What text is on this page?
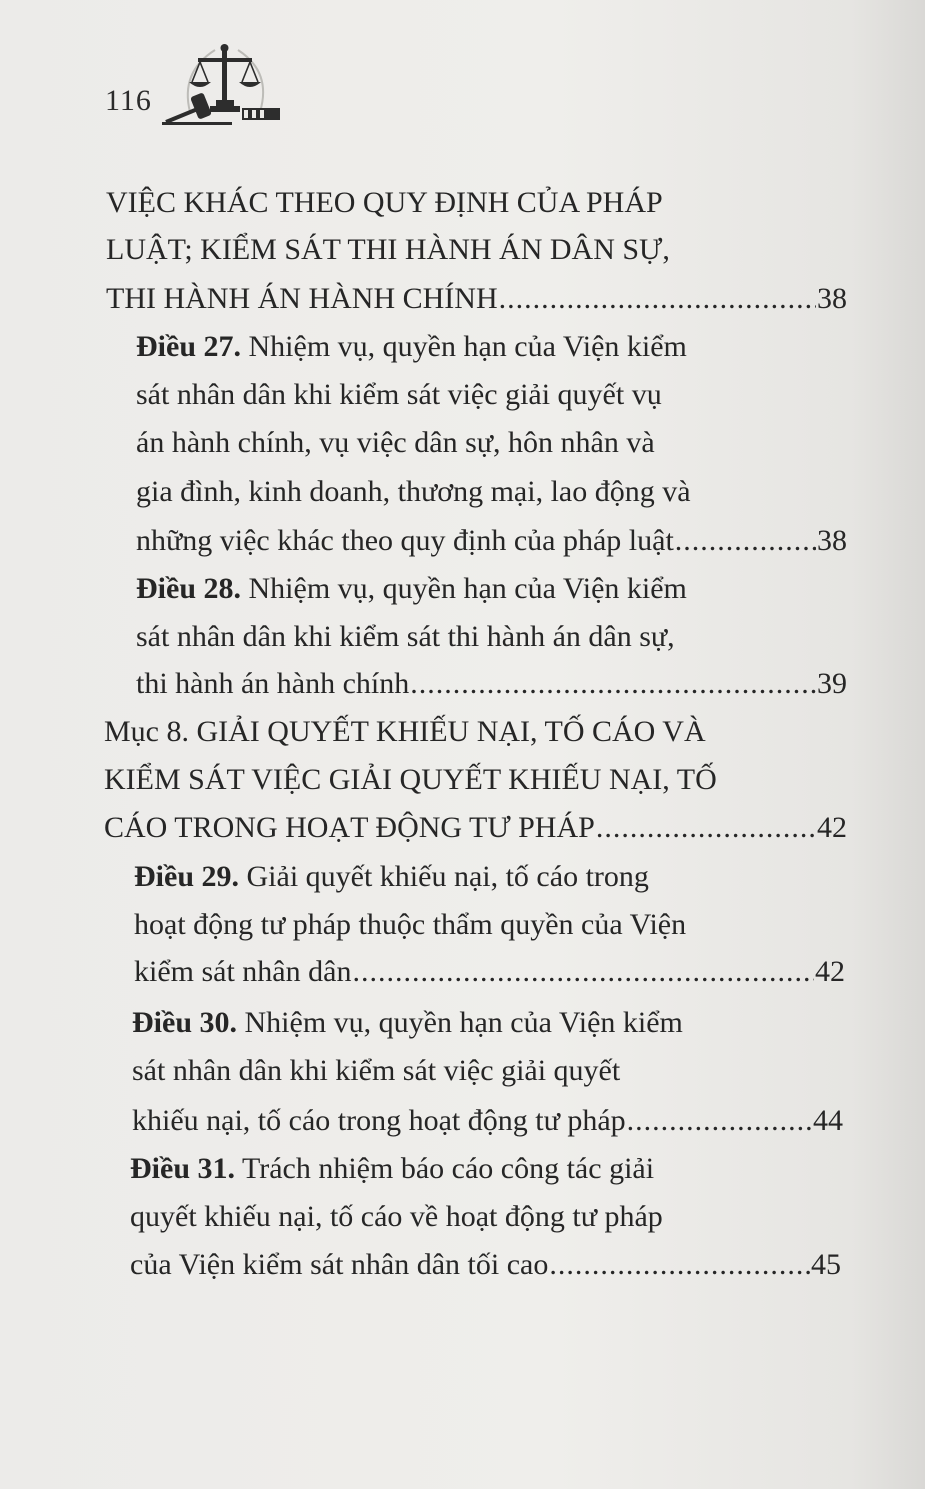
116
VIỆC KHÁC THEO QUY ĐỊNH CỦA PHÁP
LUẬT; KIỂM SÁT THI HÀNH ÁN DÂN SỰ,
THI HÀNH ÁN HÀNH CHÍNH .....	38
Điều 27. Nhiệm vụ, quyền hạn của Viện kiểm
sát nhân dân khi kiểm sát việc giải quyết vụ
án hành chính, vụ việc dân sự, hôn nhân và
gia đình, kinh doanh, thương mại, lao động và
những việc khác theo quy định của pháp luật .....	38
Điều 28. Nhiệm vụ, quyền hạn của Viện kiểm
sát nhân dân khi kiểm sát thi hành án dân sự,
thi hành án hành chính .....	39
Mục 8. GIẢI QUYẾT KHIẾU NẠI, TỐ CÁO VÀ
KIỂM SÁT VIỆC GIẢI QUYẾT KHIẾU NẠI, TỐ
CÁO TRONG HOẠT ĐỘNG TƯ PHÁP .....	42
Điều 29. Giải quyết khiếu nại, tố cáo trong
hoạt động tư pháp thuộc thẩm quyền của Viện
kiểm sát nhân dân .....	42
Điều 30. Nhiệm vụ, quyền hạn của Viện kiểm
sát nhân dân khi kiểm sát việc giải quyết
khiếu nại, tố cáo trong hoạt động tư pháp .....	44
Điều 31. Trách nhiệm báo cáo công tác giải
quyết khiếu nại, tố cáo về hoạt động tư pháp
của Viện kiểm sát nhân dân tối cao .....	45
